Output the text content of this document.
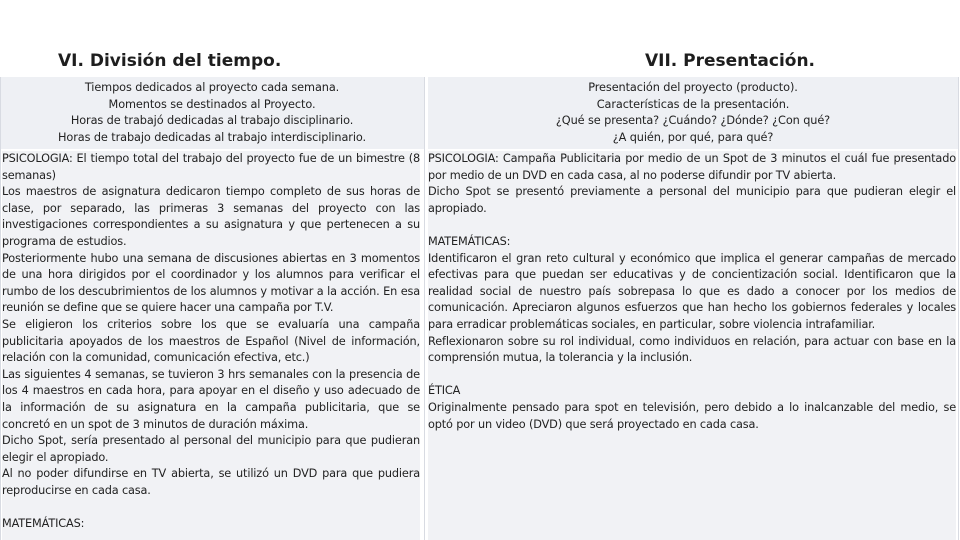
VI. División del tiempo.	VII. Presentación.
Tiempos dedicados al proyecto cada semana.
Momentos se destinados al Proyecto.
Horas de trabajó dedicadas al trabajo disciplinario.
Horas de trabajo dedicadas al trabajo interdisciplinario.
Presentación del proyecto (producto).
Características de la presentación.
¿Qué se presenta? ¿Cuándo? ¿Dónde? ¿Con qué?
¿A quién, por qué, para qué?

PSICOLOGIA: El tiempo total del trabajo del proyecto fue de un bimestre (8 semanas)

Los maestros de asignatura dedicaron tiempo completo de sus horas de clase, por separado, las primeras 3 semanas del proyecto con las investigaciones correspondientes a su asignatura y que pertenecen a su programa de estudios.

Posteriormente hubo una semana de discusiones abiertas en 3 momentos de una hora dirigidos por el coordinador y los alumnos para verificar el rumbo de los descubrimientos de los alumnos y motivar a la acción. En esa reunión se define que se quiere hacer una campaña por T.V.

Se eligieron los criterios sobre los que se evaluaría una campaña publicitaria apoyados de los maestros de Español (Nivel de información, relación con la comunidad, comunicación efectiva, etc.)

Las siguientes 4 semanas, se tuvieron 3 hrs semanales con la presencia de los 4 maestros en cada hora, para apoyar en el diseño y uso adecuado de la información de su asignatura en la campaña publicitaria, que se concretó en un spot de 3 minutos de duración máxima.

Dicho Spot, sería presentado al personal del municipio para que pudieran elegir el apropiado.

Al no poder difundirse en TV abierta, se utilizó un DVD para que pudiera reproducirse en cada casa.

MATEMÁTICAS:

PSICOLOGIA: Campaña Publicitaria por medio de un Spot de 3 minutos el cuál fue presentado por medio de un DVD en cada casa, al no poderse difundir por TV abierta.

Dicho Spot se presentó previamente a personal del municipio para que pudieran elegir el apropiado.

MATEMÁTICAS:

Identificaron el gran reto cultural y económico que implica el generar campañas de mercado efectivas para que puedan ser educativas y de concientización social. Identificaron que la realidad social de nuestro país sobrepasa lo que es dado a conocer por los medios de comunicación. Apreciaron algunos esfuerzos que han hecho los gobiernos federales y locales para erradicar problemáticas sociales, en particular, sobre violencia intrafamiliar.

Reflexionaron sobre su rol individual, como individuos en relación, para actuar con base en la comprensión mutua, la tolerancia y la inclusión.

ÉTICA

Originalmente pensado para spot en televisión, pero debido a lo inalcanzable del medio, se optó por un video (DVD) que será proyectado en cada casa.
